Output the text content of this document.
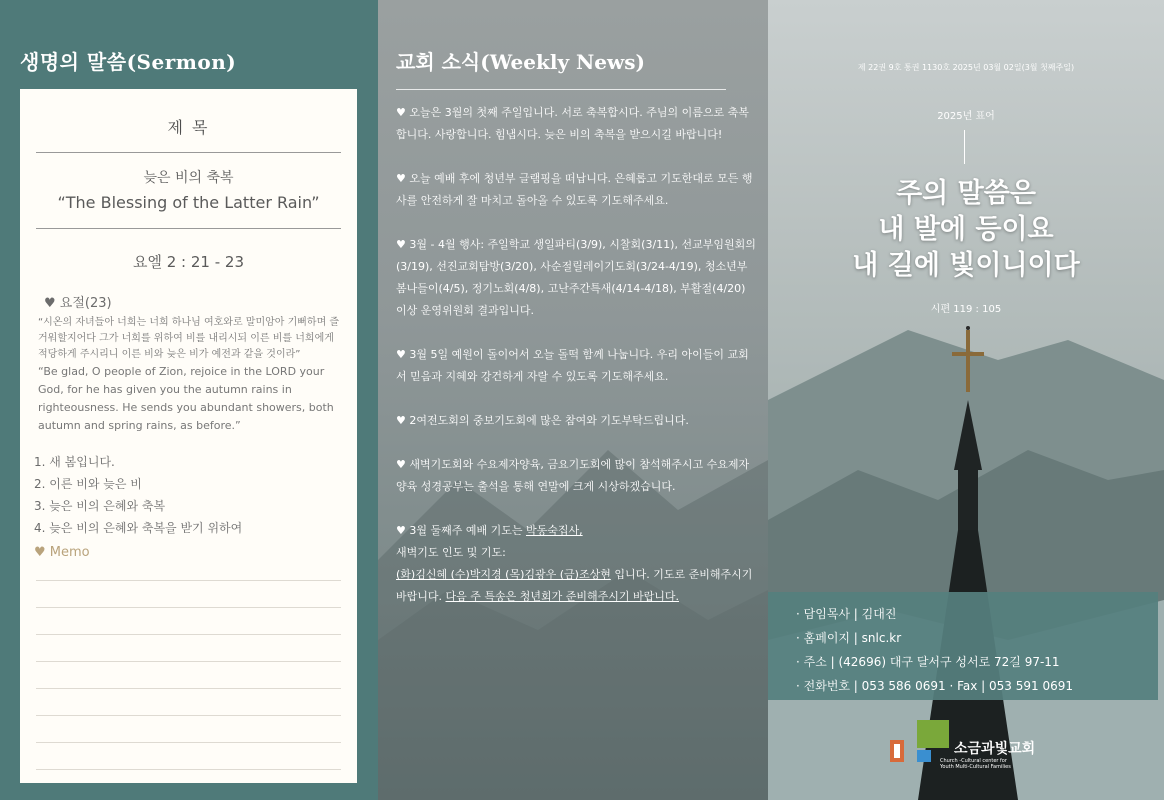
생명의 말씀(Sermon)
제 목
늦은 비의 축복
“The Blessing of the Latter Rain”
요엘 2 : 21 - 23
♥ 요절(23)
“시온의 자녀들아 너희는 너희 하나님 여호와로 말미암아 기뻐하며 즐거워할지어다 그가 너희를 위하여 비를 내리시되 이른 비를 너희에게 적당하게 주시리니 이른 비와 늦은 비가 예전과 같을 것이라”
“Be glad, O people of Zion, rejoice in the LORD your God, for he has given you the autumn rains in righteousness. He sends you abundant showers, both autumn and spring rains, as before.”
1. 새 봄입니다.
2. 이른 비와 늦은 비
3. 늦은 비의 은혜와 축복
4. 늦은 비의 은혜와 축복을 받기 위하여
♥ Memo
교회 소식(Weekly News)

♥ 오늘은 3월의 첫째 주일입니다. 서로 축복합시다. 주님의 이름으로 축복합니다. 사랑합니다. 힘냅시다. 늦은 비의 축복을 받으시길 바랍니다!

♥ 오늘 예배 후에 청년부 글램핑을 떠납니다. 은혜롭고 기도한대로 모든 행사를 안전하게 잘 마치고 돌아올 수 있도록 기도해주세요.

♥ 3월 - 4월 행사: 주일학교 생일파티(3/9), 시찰회(3/11), 선교부임원회의(3/19), 선진교회탐방(3/20), 사순절릴레이기도회(3/24-4/19), 청소년부 봄나들이(4/5), 정기노회(4/8), 고난주간특새(4/14-4/18), 부활절(4/20)이상 운영위원회 결과입니다.

♥ 3월 5일 예원이 돌이어서 오늘 돌떡 함께 나눕니다. 우리 아이들이 교회서 믿음과 지혜와 강건하게 자랄 수 있도록 기도해주세요.

♥ 2여전도회의 중보기도회에 많은 참여와 기도부탁드립니다.

♥ 새벽기도회와 수요제자양육, 금요기도회에 많이 참석해주시고 수요제자양육 성경공부는 출석을 통해 연말에 크게 시상하겠습니다.

♥ 3월 둘째주 예배 기도는 박동숙집사,
새벽기도 인도 및 기도:
(화)김신혜 (수)박지경 (목)김광우 (금)조상현 입니다. 기도로 준비해주시기 바랍니다. 다음 주 특송은 청년회가 준비해주시기 바랍니다.

제 22권 9호 통권 1130호 2025년 03월 02일(3월 첫째주일)
2025년 표어
주의 말씀은
내 발에 등이요
내 길에 빛이니이다
시편 119 : 105
· 담임목사 | 김대진
· 홈페이지 | snlc.kr
· 주소 | (42696) 대구 달서구 성서로 72길 97-11
· 전화번호 | 053 586 0691 · Fax | 053 591 0691
소금과빛교회
Church -Cultural center for Youth Multi-Cultural Families
